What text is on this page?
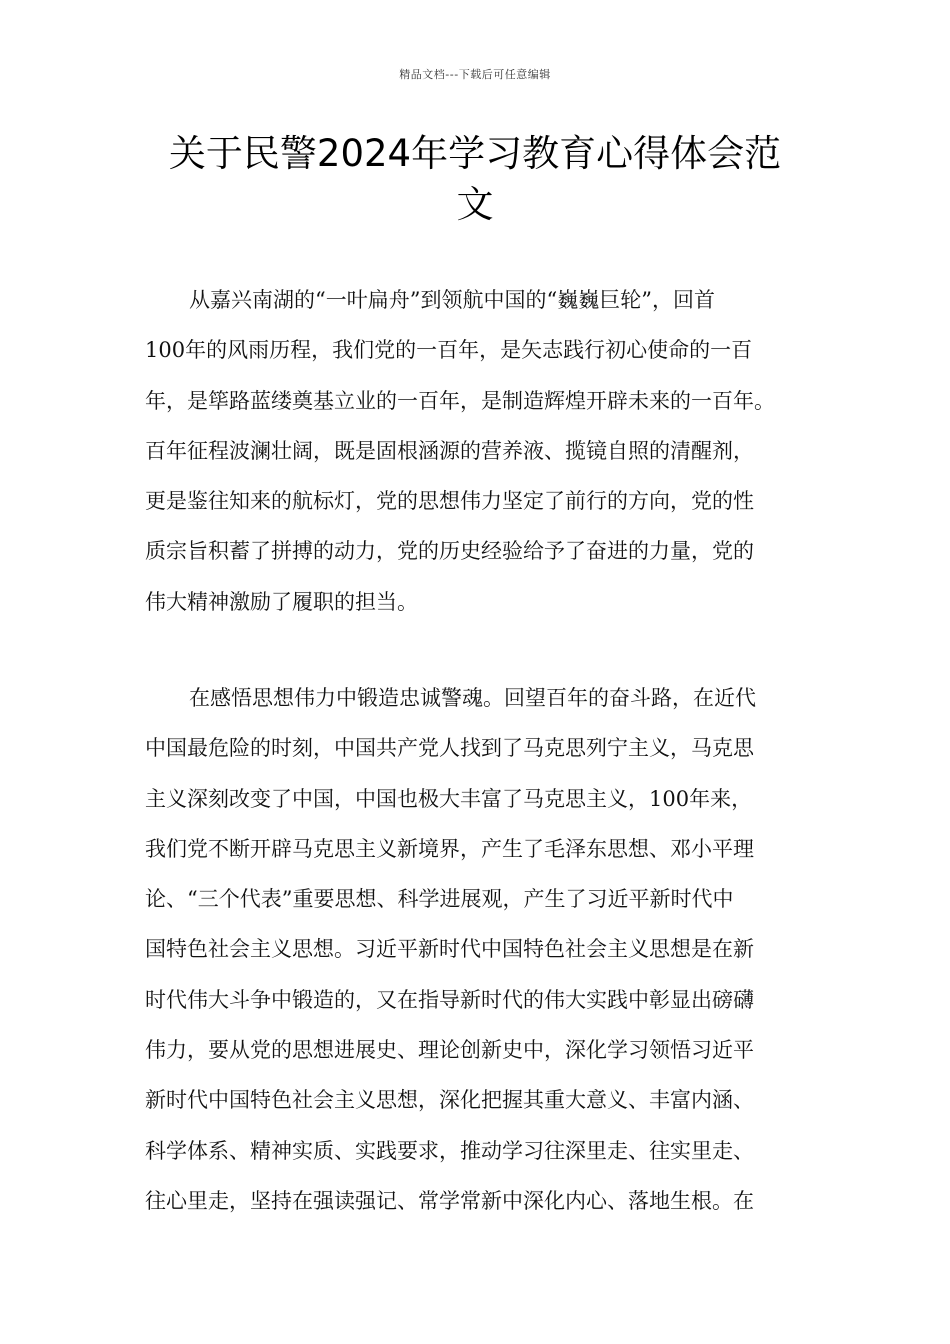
精品文档---下载后可任意编辑
关于民警2024年学习教育心得体会范
文
从嘉兴南湖的“一叶扁舟”到领航中国的“巍巍巨轮”，回首
100年的风雨历程，我们党的一百年，是矢志践行初心使命的一百
年，是筚路蓝缕奠基立业的一百年，是制造辉煌开辟未来的一百年。
百年征程波澜壮阔，既是固根涵源的营养液、揽镜自照的清醒剂，
更是鉴往知来的航标灯，党的思想伟力坚定了前行的方向，党的性
质宗旨积蓄了拼搏的动力，党的历史经验给予了奋进的力量，党的
伟大精神激励了履职的担当。
在感悟思想伟力中锻造忠诚警魂。回望百年的奋斗路，在近代
中国最危险的时刻，中国共产党人找到了马克思列宁主义，马克思
主义深刻改变了中国，中国也极大丰富了马克思主义，100年来，
我们党不断开辟马克思主义新境界，产生了毛泽东思想、邓小平理
论、“三个代表”重要思想、科学进展观，产生了习近平新时代中
国特色社会主义思想。习近平新时代中国特色社会主义思想是在新
时代伟大斗争中锻造的，又在指导新时代的伟大实践中彰显出磅礴
伟力，要从党的思想进展史、理论创新史中，深化学习领悟习近平
新时代中国特色社会主义思想，深化把握其重大意义、丰富内涵、
科学体系、精神实质、实践要求，推动学习往深里走、往实里走、
往心里走，坚持在强读强记、常学常新中深化内心、落地生根。在
